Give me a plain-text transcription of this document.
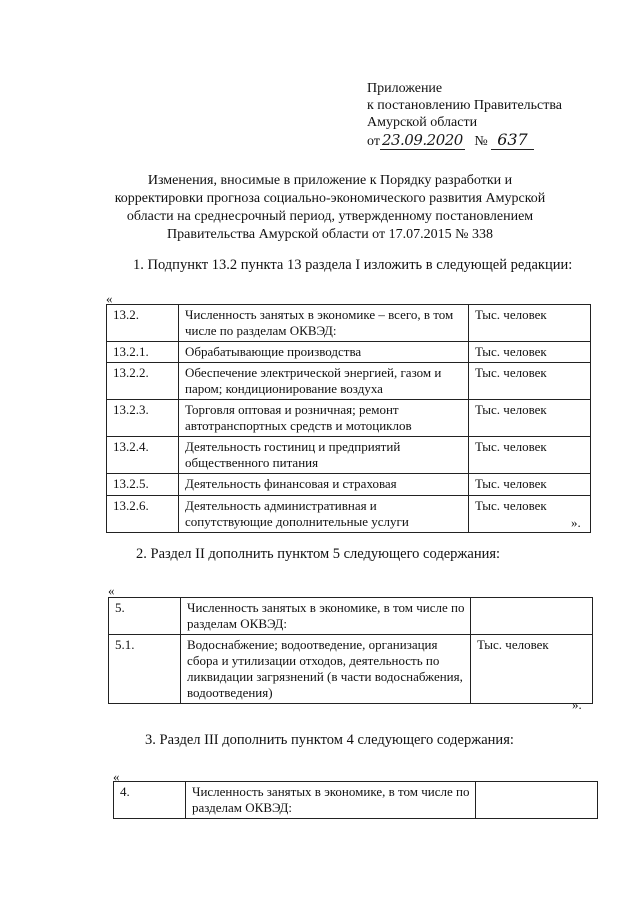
Приложение
к постановлению Правительства
Амурской области
от 23.09.2020 № 637
Изменения, вносимые в приложение к Порядку разработки и
корректировки прогноза социально-экономического развития Амурской
области на среднесрочный период, утвержденному постановлением
Правительства Амурской области от 17.07.2015 № 338
1. Подпункт 13.2 пункта 13 раздела I изложить в следующей редакции:
«
13.2.	Численность занятых в экономике – всего, в том числе по разделам ОКВЭД:	Тыс. человек
13.2.1.	Обрабатывающие производства	Тыс. человек
13.2.2.	Обеспечение электрической энергией, газом и паром; кондиционирование воздуха	Тыс. человек
13.2.3.	Торговля оптовая и розничная; ремонт автотранспортных средств и мотоциклов	Тыс. человек
13.2.4.	Деятельность гостиниц и предприятий общественного питания	Тыс. человек
13.2.5.	Деятельность финансовая и страховая	Тыс. человек
13.2.6.	Деятельность административная и сопутствующие дополнительные услуги	Тыс. человек
».
2. Раздел II дополнить пунктом 5 следующего содержания:
«
5.	Численность занятых в экономике, в том числе по разделам ОКВЭД:	
5.1.	Водоснабжение; водоотведение, организация сбора и утилизации отходов, деятельность по ликвидации загрязнений (в части водоснабжения, водоотведения)	Тыс. человек
».
3. Раздел III дополнить пунктом 4 следующего содержания:
«
4.	Численность занятых в экономике, в том числе по разделам ОКВЭД:	
